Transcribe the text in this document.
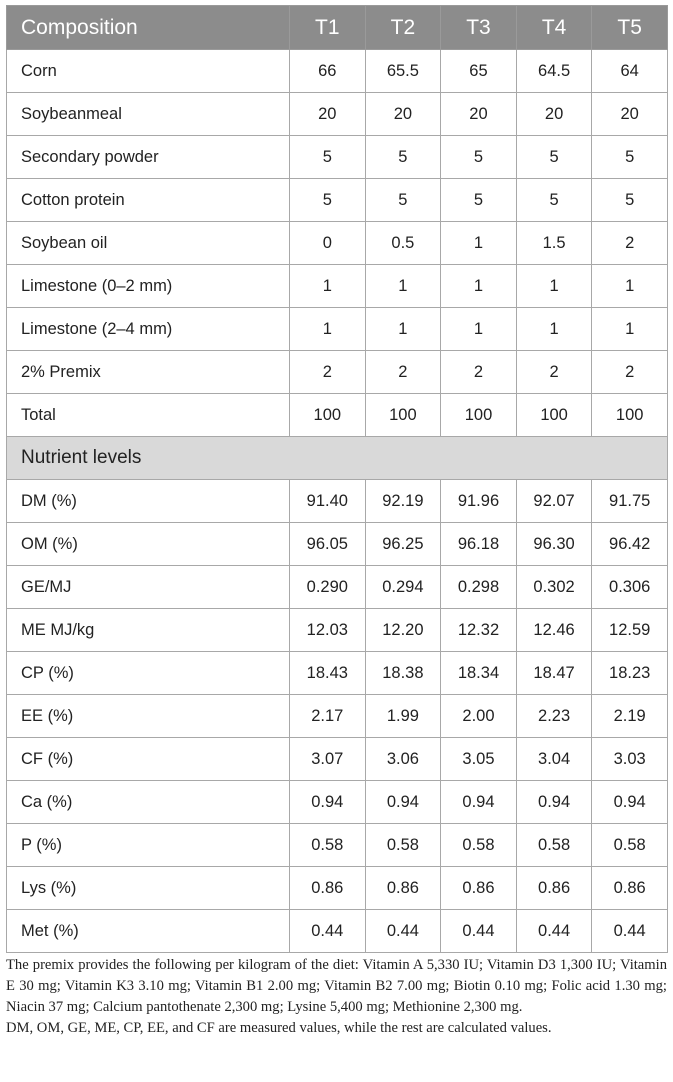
Composition	T1	T2	T3	T4	T5
Corn	66	65.5	65	64.5	64
Soybeanmeal	20	20	20	20	20
Secondary powder	5	5	5	5	5
Cotton protein	5	5	5	5	5
Soybean oil	0	0.5	1	1.5	2
Limestone (0–2 mm)	1	1	1	1	1
Limestone (2–4 mm)	1	1	1	1	1
2% Premix	2	2	2	2	2
Total	100	100	100	100	100
Nutrient levels					
DM (%)	91.40	92.19	91.96	92.07	91.75
OM (%)	96.05	96.25	96.18	96.30	96.42
GE/MJ	0.290	0.294	0.298	0.302	0.306
ME MJ/kg	12.03	12.20	12.32	12.46	12.59
CP (%)	18.43	18.38	18.34	18.47	18.23
EE (%)	2.17	1.99	2.00	2.23	2.19
CF (%)	3.07	3.06	3.05	3.04	3.03
Ca (%)	0.94	0.94	0.94	0.94	0.94
P (%)	0.58	0.58	0.58	0.58	0.58
Lys (%)	0.86	0.86	0.86	0.86	0.86
Met (%)	0.44	0.44	0.44	0.44	0.44

The premix provides the following per kilogram of the diet: Vitamin A 5,330 IU; Vitamin D3 1,300 IU; Vitamin E 30 mg; Vitamin K3 3.10 mg; Vitamin B1 2.00 mg; Vitamin B2 7.00 mg; Biotin 0.10 mg; Folic acid 1.30 mg; Niacin 37 mg; Calcium pantothenate 2,300 mg; Lysine 5,400 mg; Methionine 2,300 mg.

DM, OM, GE, ME, CP, EE, and CF are measured values, while the rest are calculated values.
